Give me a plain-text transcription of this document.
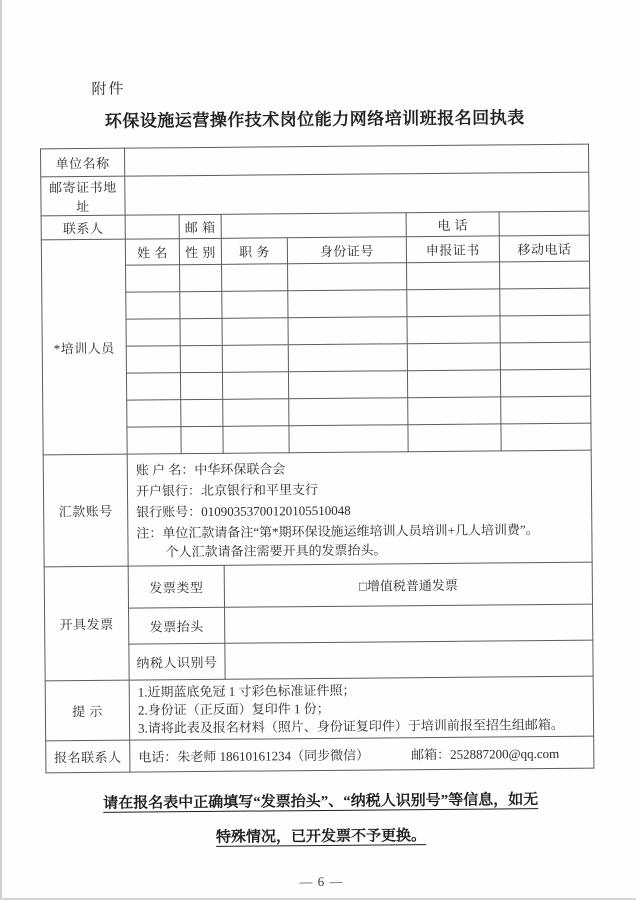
附件
环保设施运营操作技术岗位能力网络培训班报名回执表
单位名称						
邮寄证书地址						
联系人		邮 箱			电 话	
*培训人员	姓 名	性 别	职 务	身份证号	申报证书	移动电话

汇款账号	账 户 名：中华环保联合会
开户银行：北京银行和平里支行
银行账号：01090353700120105510048
注：单位汇款请备注“第*期环保设施运维培训人员培训+几人培训费”。
个人汇款请备注需要开具的发票抬头。					

开具发票	发票类型		□增值税普通发票			
	发票抬头					
	纳税人识别号					
提 示	1.近期蓝底免冠 1 寸彩色标准证件照；
2.身份证（正反面）复印件 1 份；
3.请将此表及报名材料（照片、身份证复印件）于培训前报至招生组邮箱。					

报名联系人	电话：朱老师 18610161234（同步微信） 邮箱：252887200@qq.com					
请在报名表中正确填写“发票抬头”、“纳税人识别号”等信息，如无
特殊情况，已开发票不予更换。
— 6 —
